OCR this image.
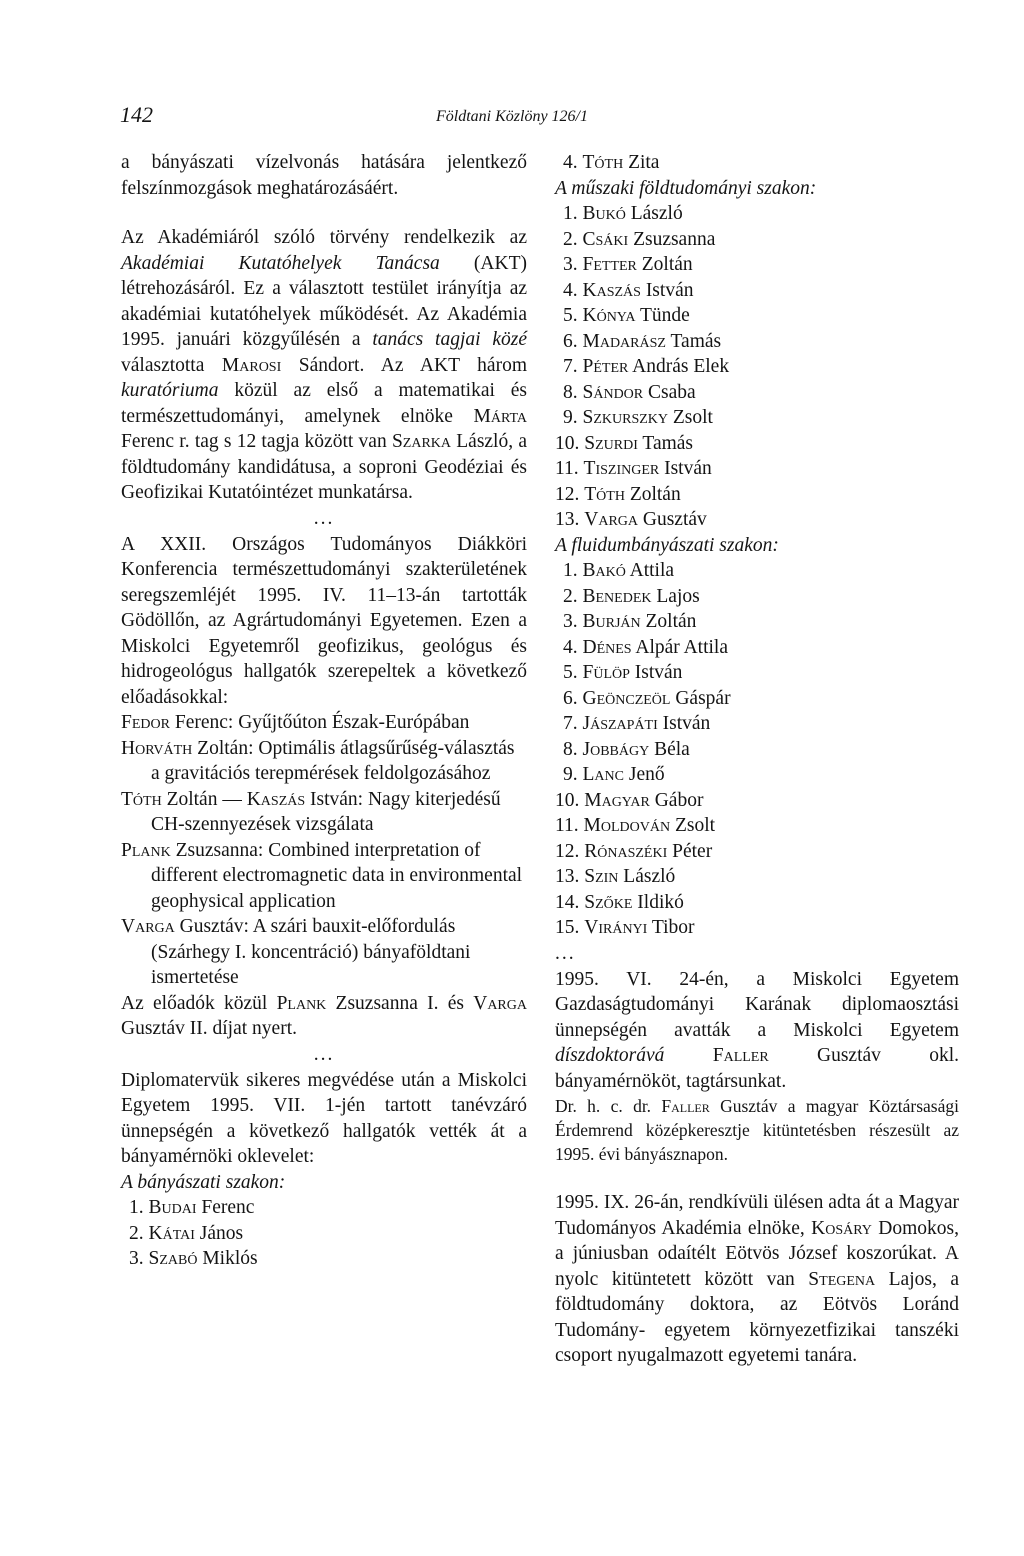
142	Földtani Közlöny 126/1

a bányászati vízelvonás hatására jelentkező felszínmozgások meghatározásáért.

Az Akadémiáról szóló törvény rendelkezik az Akadémiai Kutatóhelyek Tanácsa (AKT) létrehozásáról. Ez a választott testület irányítja az akadémiai kutatóhelyek működését. Az Akadémia 1995. januári közgyűlésén a tanács tagjai közé választotta Marosi Sándort. Az AKT három kuratóriuma közül az első a matematikai és természettudományi, amelynek elnöke Márta Ferenc r. tag s 12 tagja között van Szarka László, a földtudomány kandidátusa, a soproni Geodéziai és Geofizikai Kutatóintézet munkatársa.

...

A XXII. Országos Tudományos Diákköri Konferencia természettudományi szakterületének seregszemléjét 1995. IV. 11–13-án tartották Gödöllőn, az Agrártudományi Egyetemen. Ezen a Miskolci Egyetemről geofizikus, geológus és hidrogeológus hallgatók szerepeltek a következő előadásokkal:

Fedor Ferenc: Gyűjtőúton Észak-Európában

Horváth Zoltán: Optimális átlagsűrűség-választás a gravitációs terepmérések feldolgozásához

Tóth Zoltán — Kaszás István: Nagy kiterjedésű CH-szennyezések vizsgálata

Plank Zsuzsanna: Combined interpretation of different electromagnetic data in environmental geophysical application

Varga Gusztáv: A szári bauxit-előfordulás (Szárhegy I. koncentráció) bányaföldtani ismertetése

Az előadók közül Plank Zsuzsanna I. és Varga Gusztáv II. díjat nyert.

...

Diplomatervük sikeres megvédése után a Miskolci Egyetem 1995. VII. 1-jén tartott tanévzáró ünnepségén a következő hallgatók vették át a bányamérnöki oklevelet:

A bányászati szakon:

1. Budai Ferenc

2. Kátai János

3. Szabó Miklós

4. Tóth Zita

A műszaki földtudományi szakon:

1. Bukó László

2. Csáki Zsuzsanna

3. Fetter Zoltán

4. Kaszás István

5. Kónya Tünde

6. Madarász Tamás

7. Péter András Elek

8. Sándor Csaba

9. Szkurszky Zsolt

10. Szurdi Tamás

11. Tiszinger István

12. Tóth Zoltán

13. Varga Gusztáv

A fluidumbányászati szakon:

1. Bakó Attila

2. Benedek Lajos

3. Burján Zoltán

4. Dénes Alpár Attila

5. Fülöp István

6. Geönczeöl Gáspár

7. Jászapáti István

8. Jobbágy Béla

9. Lanc Jenő

10. Magyar Gábor

11. Moldován Zsolt

12. Rónaszéki Péter

13. Szin László

14. Szőke Ildikó

15. Virányi Tibor

...

1995. VI. 24-én, a Miskolci Egyetem Gazdaságtudományi Karának diplomaosztási ünnepségén avatták a Miskolci Egyetem díszdoktorává Faller Gusztáv okl. bányamérnököt, tagtársunkat.

Dr. h. c. dr. Faller Gusztáv a magyar Köztársasági Érdemrend középkeresztje kitüntetésben részesült az 1995. évi bányásznapon.

1995. IX. 26-án, rendkívüli ülésen adta át a Magyar Tudományos Akadémia elnöke, Kosáry Domokos, a júniusban odaítélt Eötvös József koszorúkat. A nyolc kitüntetett között van Stegena Lajos, a földtudomány doktora, az Eötvös Loránd Tudomány- egyetem környezetfizikai tanszéki csoport nyugalmazott egyetemi tanára.
